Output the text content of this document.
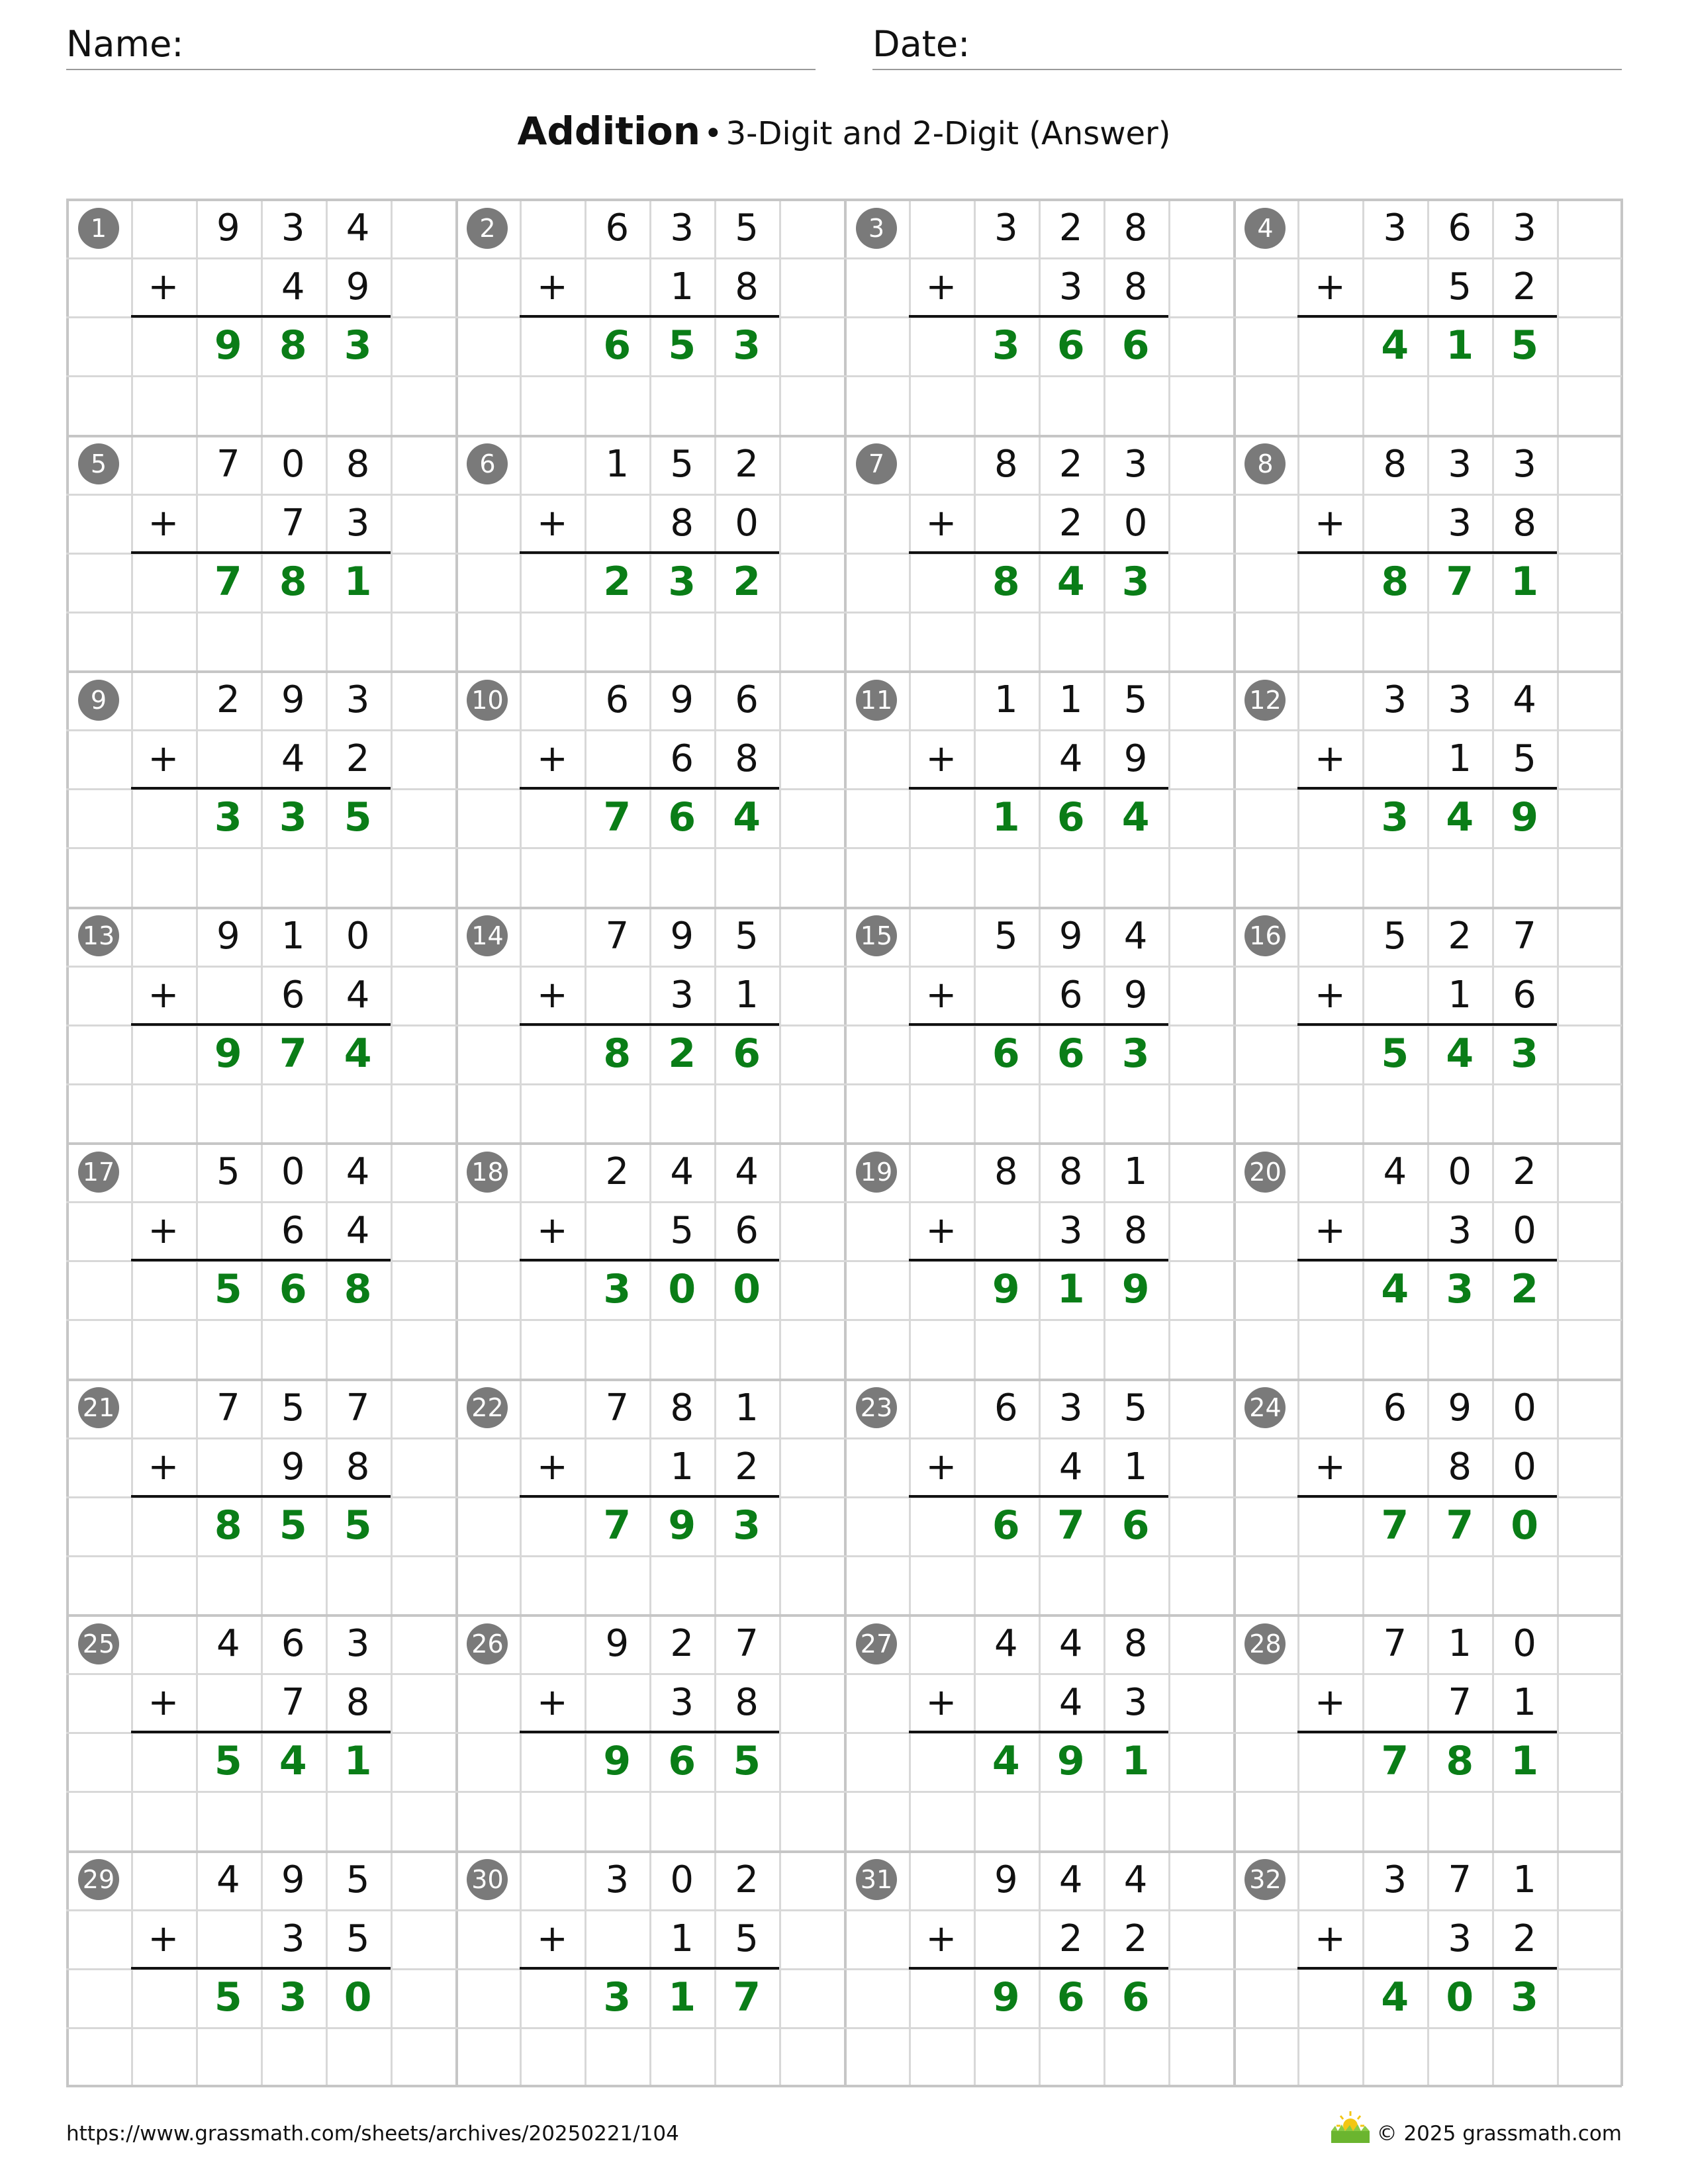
Name:	Date:
Addition • 3-Digit and 2-Digit (Answer)
1	9	3	4
+	4	9
9 8 3
2	6	3	5
+	1	8
6 5 3
3	3	2	8
+	3	8
3 6 6
4	3	6	3
+	5	2
4 1 5
5	7	0	8
+	7	3
7 8 1
6	1	5	2
+	8	0
2 3 2
7	8	2	3
+	2	0
8 4 3
8	8	3	3
+	3	8
8 7 1
9	2	9	3
+	4	2
3 3 5
10	6	9	6
+	6	8
7 6 4
11	1	1	5
+	4	9
1 6 4
12	3	3	4
+	1	5
3 4 9
13	9	1	0
+	6	4
9 7 4
14	7	9	5
+	3	1
8 2 6
15	5	9	4
+	6	9
6 6 3
16	5	2	7
+	1	6
5 4 3
17	5	0	4
+	6	4
5 6 8
18	2	4	4
+	5	6
3 0 0
19	8	8	1
+	3	8
9 1 9
20	4	0	2
+	3	0
4 3 2
21	7	5	7
+	9	8
8 5 5
22	7	8	1
+	1	2
7 9 3
23	6	3	5
+	4	1
6 7 6
24	6	9	0
+	8	0
7 7 0
25	4	6	3
+	7	8
5 4 1
26	9	2	7
+	3	8
9 6 5
27	4	4	8
+	4	3
4 9 1
28	7	1	0
+	7	1
7 8 1
29	4	9	5
+	3	5
5 3 0
30	3	0	2
+	1	5
3 1 7
31	9	4	4
+	2	2
9 6 6
32	3	7	1
+	3	2
4 0 3
https://www.grassmath.com/sheets/archives/20250221/104	© 2025 grassmath.com
